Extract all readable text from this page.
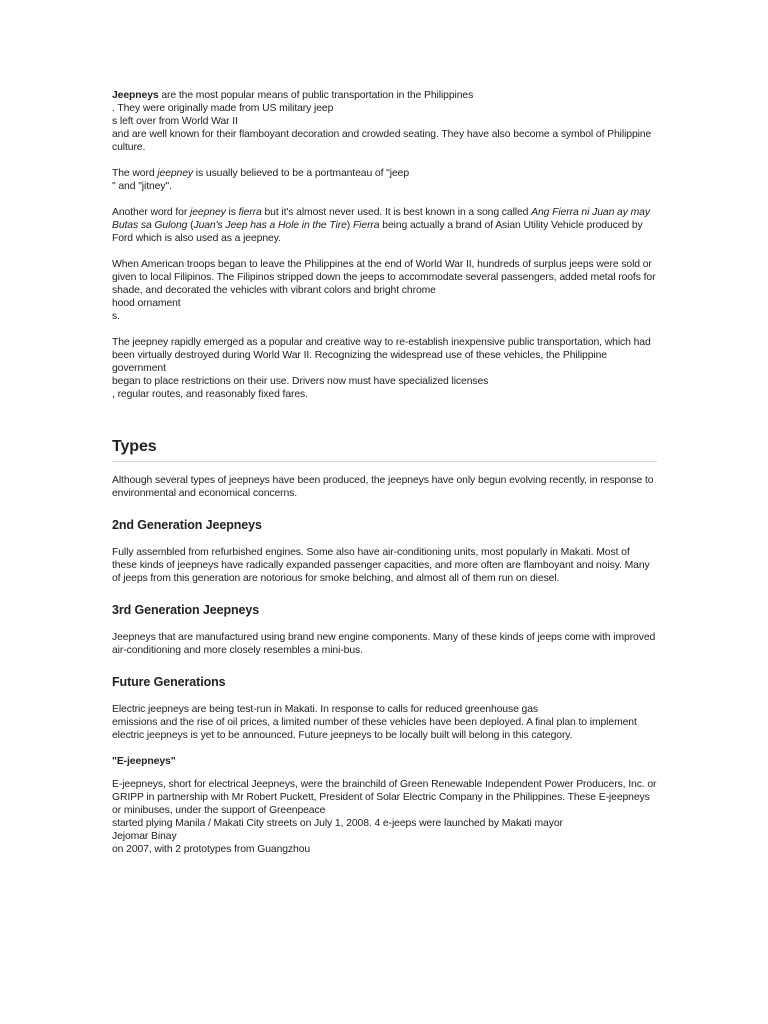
Jeepneys are the most popular means of public transportation in the Philippines
. They were originally made from US military jeep
s left over from World War II
and are well known for their flamboyant decoration and crowded seating. They have also become a symbol of Philippine culture.

The word jeepney is usually believed to be a portmanteau of "jeep
" and "jitney".

Another word for jeepney is fierra but it's almost never used. It is best known in a song called Ang Fierra ni Juan ay may Butas sa Gulong (Juan's Jeep has a Hole in the Tire) Fierra being actually a brand of Asian Utility Vehicle produced by Ford which is also used as a jeepney.

When American troops began to leave the Philippines at the end of World War II, hundreds of surplus jeeps were sold or given to local Filipinos. The Filipinos stripped down the jeeps to accommodate several passengers, added metal roofs for shade, and decorated the vehicles with vibrant colors and bright chrome
hood ornament
s.

The jeepney rapidly emerged as a popular and creative way to re-establish inexpensive public transportation, which had been virtually destroyed during World War II. Recognizing the widespread use of these vehicles, the Philippine government
began to place restrictions on their use. Drivers now must have specialized licenses
, regular routes, and reasonably fixed fares.

Types

Although several types of jeepneys have been produced, the jeepneys have only begun evolving recently, in response to environmental and economical concerns.

2nd Generation Jeepneys

Fully assembled from refurbished engines. Some also have air-conditioning units, most popularly in Makati. Most of these kinds of jeepneys have radically expanded passenger capacities, and more often are flamboyant and noisy. Many of jeeps from this generation are notorious for smoke belching, and almost all of them run on diesel.

3rd Generation Jeepneys

Jeepneys that are manufactured using brand new engine components. Many of these kinds of jeeps come with improved air-conditioning and more closely resembles a mini-bus.

Future Generations

Electric jeepneys are being test-run in Makati. In response to calls for reduced greenhouse gas
emissions and the rise of oil prices, a limited number of these vehicles have been deployed. A final plan to implement electric jeepneys is yet to be announced. Future jeepneys to be locally built will belong in this category.

"E-jeepneys"

E-jeepneys, short for electrical Jeepneys, were the brainchild of Green Renewable Independent Power Producers, Inc. or GRIPP in partnership with Mr Robert Puckett, President of Solar Electric Company in the Philippines. These E-jeepneys or minibuses, under the support of Greenpeace
started plying Manila / Makati City streets on July 1, 2008. 4 e-jeeps were launched by Makati mayor
Jejomar Binay
on 2007, with 2 prototypes from Guangzhou
